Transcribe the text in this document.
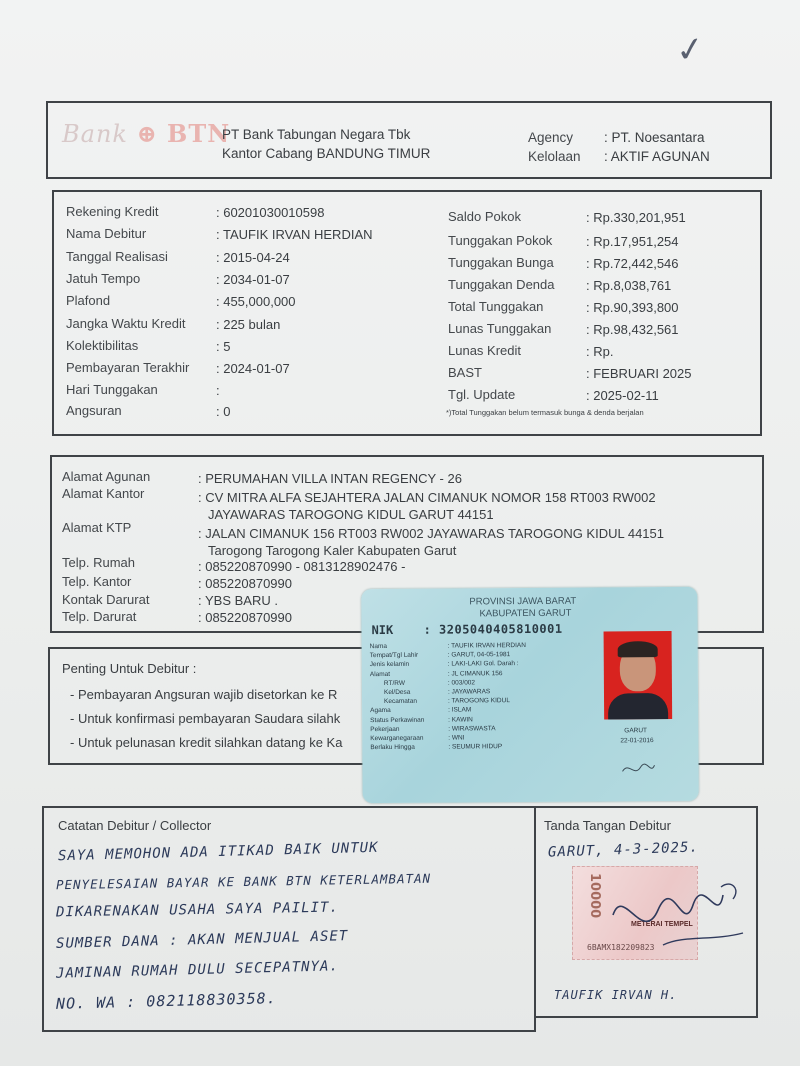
✓
Bank ⊕ BTN
PT Bank Tabungan Negara Tbk
Kantor Cabang BANDUNG TIMUR
Agency : PT. Noesantara
Kelolaan : AKTIF AGUNAN
Rekening Kredit	: 60201030010598
Nama Debitur	: TAUFIK IRVAN HERDIAN
Tanggal Realisasi	: 2015-04-24
Jatuh Tempo	: 2034-01-07
Plafond	: 455,000,000
Jangka Waktu Kredit : 225 bulan
Kolektibilitas	: 5
Pembayaran Terakhir : 2024-01-07
Hari Tunggakan	:
Angsuran	: 0
Saldo Pokok	: Rp.330,201,951
Tunggakan Pokok	: Rp.17,951,254
Tunggakan Bunga : Rp.72,442,546
Tunggakan Denda : Rp.8,038,761
Total Tunggakan	: Rp.90,393,800
Lunas Tunggakan	: Rp.98,432,561
Lunas Kredit	: Rp.
BAST	: FEBRUARI 2025
Tgl. Update	: 2025-02-11
*)Total Tunggakan belum termasuk bunga & denda berjalan
Alamat Agunan	: PERUMAHAN VILLA INTAN REGENCY - 26
Alamat Kantor	: CV MITRA ALFA SEJAHTERA JALAN CIMANUK NOMOR 158 RT003 RW002
JAYAWARAS TAROGONG KIDUL GARUT 44151
Alamat KTP	: JALAN CIMANUK 156 RT003 RW002 JAYAWARAS TAROGONG KIDUL 44151
Tarogong Tarogong Kaler Kabupaten Garut
Telp. Rumah	: 085220870990 - 0813128902476 -
Telp. Kantor	: 085220870990
Kontak Darurat	: YBS BARU .
Telp. Darurat	: 085220870990
Penting Untuk Debitur :
- Pembayaran Angsuran wajib disetorkan ke R
- Untuk konfirmasi pembayaran Saudara silahk
- Untuk pelunasan kredit silahkan datang ke Ka
PROVINSI JAWA BARAT
KABUPATEN GARUT
NIK	: 3205040405810001
Nama	: TAUFIK IRVAN HERDIAN
Tempat/Tgl Lahir	: GARUT, 04-05-1981
Jenis kelamin	: LAKI-LAKI Gol. Darah :
Alamat	: JL CIMANUK 156
RT/RW	: 003/002
Kel/Desa	: JAYAWARAS
Kecamatan	: TAROGONG KIDUL
Agama	: ISLAM
Status Perkawinan	: KAWIN
Pekerjaan	: WIRASWASTA
Kewarganegaraan	: WNI
Berlaku Hingga	: SEUMUR HIDUP
GARUT
22-01-2016
Catatan Debitur / Collector
SAYA MEMOHON ADA ITIKAD BAIK UNTUK
PENYELESAIAN BAYAR KE BANK BTN KETERLAMBATAN
DIKARENAKAN USAHA SAYA PAILIT.
SUMBER DANA : AKAN MENJUAL ASET
JAMINAN RUMAH DULU SECEPATNYA.
NO. WA : 082118830358.
Tanda Tangan Debitur
GARUT, 4-3-2025.
TAUFIK IRVAN H.
10000
METERAI TEMPEL
6BAMX182209823
